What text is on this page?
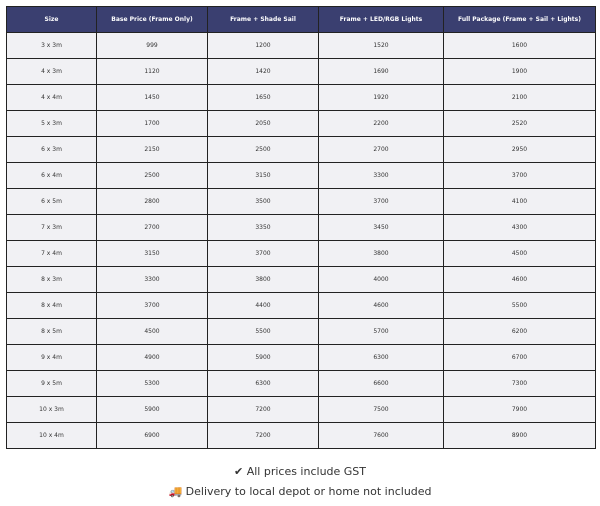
Size	Base Price (Frame Only)	Frame + Shade Sail	Frame + LED/RGB Lights	Full Package (Frame + Sail + Lights)
3 x 3m	999	1200	1520	1600
4 x 3m	1120	1420	1690	1900
4 x 4m	1450	1650	1920	2100
5 x 3m	1700	2050	2200	2520
6 x 3m	2150	2500	2700	2950
6 x 4m	2500	3150	3300	3700
6 x 5m	2800	3500	3700	4100
7 x 3m	2700	3350	3450	4300
7 x 4m	3150	3700	3800	4500
8 x 3m	3300	3800	4000	4600
8 x 4m	3700	4400	4600	5500
8 x 5m	4500	5500	5700	6200
9 x 4m	4900	5900	6300	6700
9 x 5m	5300	6300	6600	7300
10 x 3m	5900	7200	7500	7900
10 x 4m	6900	7200	7600	8900
✔ All prices include GST
🚚 Delivery to local depot or home not included
